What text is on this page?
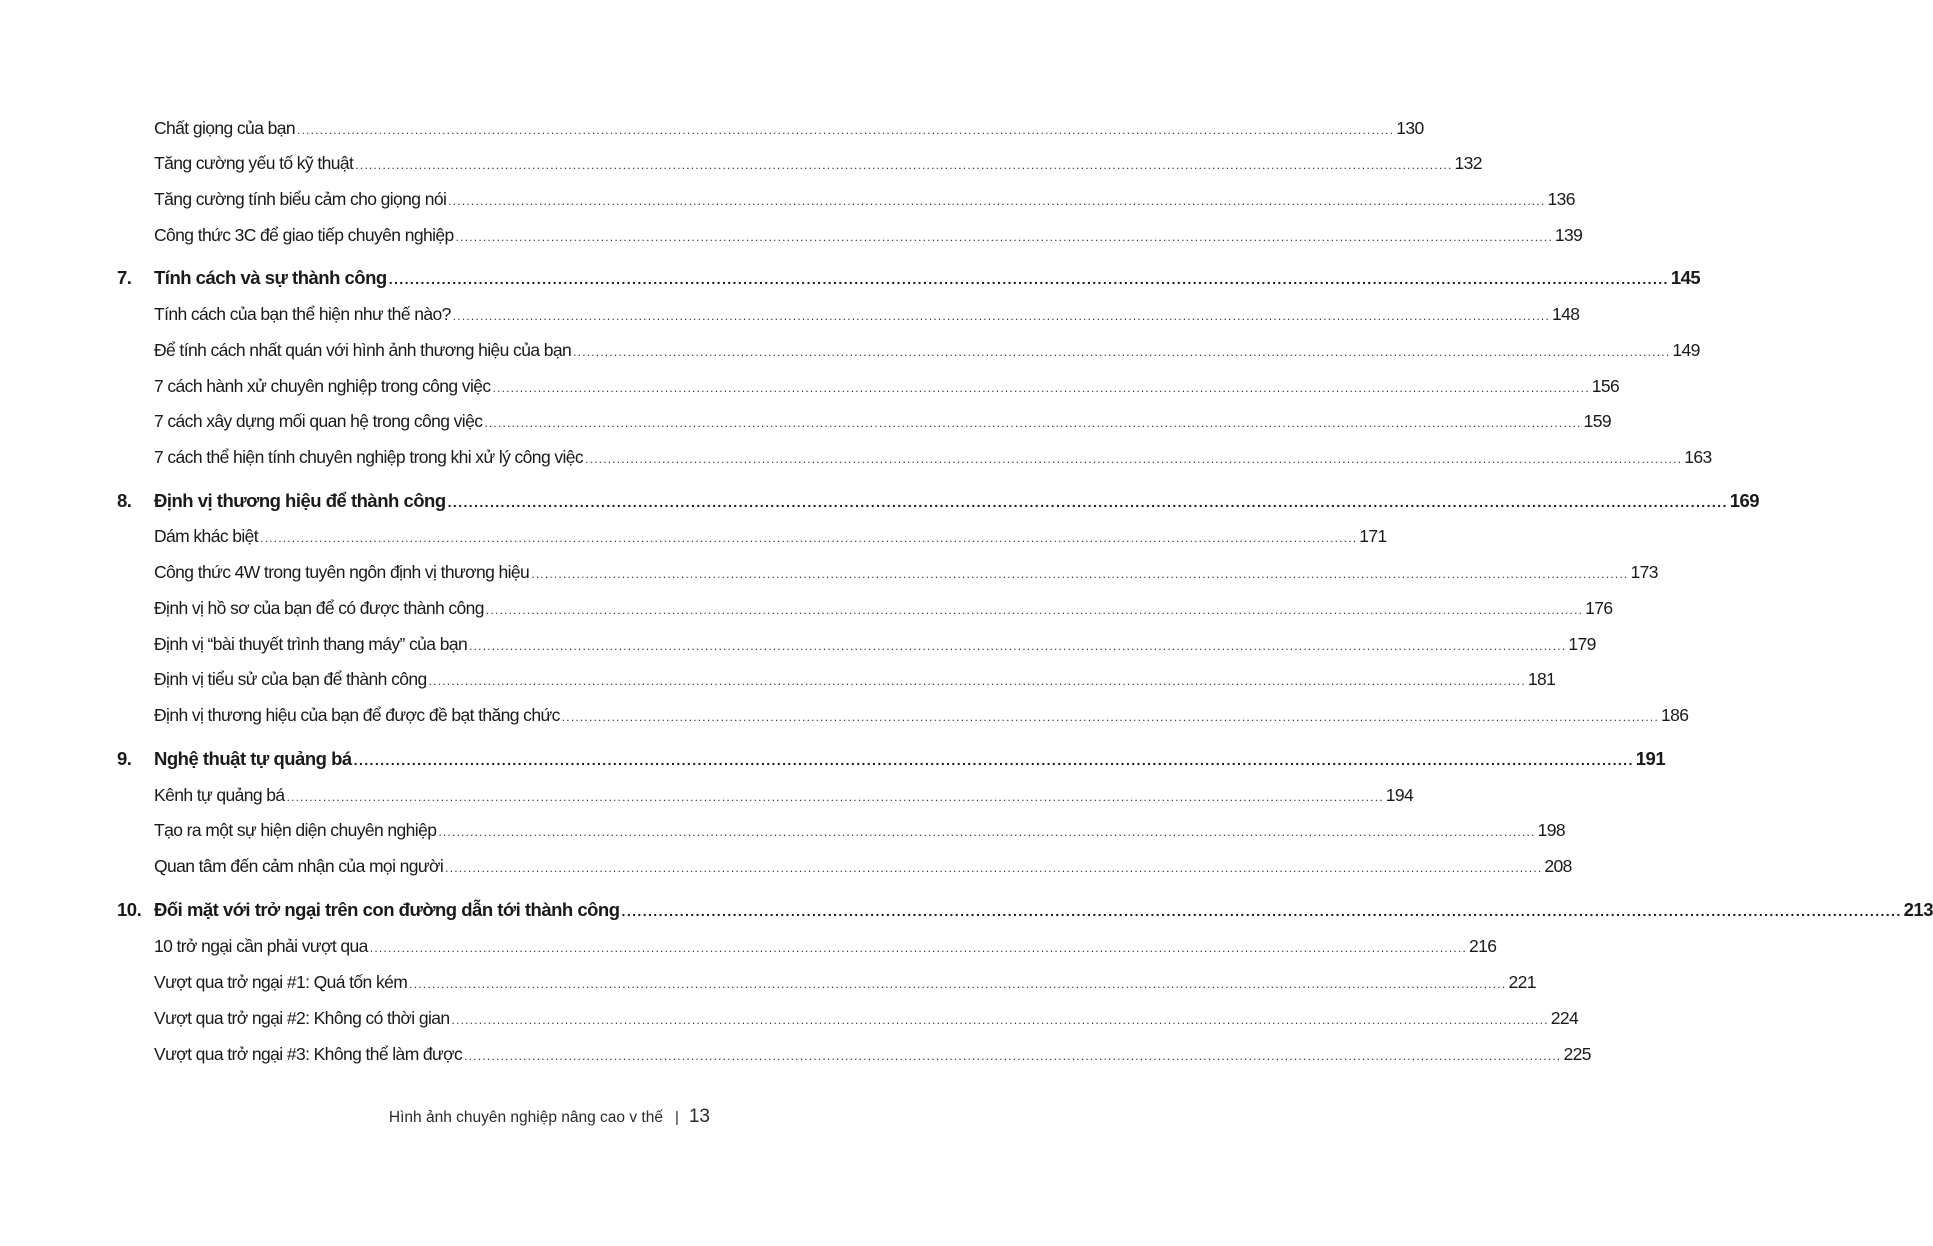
Chất giọng của bạn .....	130
Tăng cường yếu tố kỹ thuật .....	132
Tăng cường tính biểu cảm cho giọng nói .....	136
Công thức 3C để giao tiếp chuyên nghiệp .....	139
7.	Tính cách và sự thành công .....	145
Tính cách của bạn thể hiện như thế nào? .....	148
Để tính cách nhất quán với hình ảnh thương hiệu của bạn .....	149
7 cách hành xử chuyên nghiệp trong công việc .....	156
7 cách xây dựng mối quan hệ trong công việc .....	159
7 cách thể hiện tính chuyên nghiệp trong khi xử lý công việc .....	163
8.	Định vị thương hiệu để thành công .....	169
Dám khác biệt .....	171
Công thức 4W trong tuyên ngôn định vị thương hiệu .....	173
Định vị hồ sơ của bạn để có được thành công .....	176
Định vị “bài thuyết trình thang máy” của bạn .....	179
Định vị tiểu sử của bạn để thành công .....	181
Định vị thương hiệu của bạn để được đề bạt thăng chức .....	186
9.	Nghệ thuật tự quảng bá .....	191
Kênh tự quảng bá .....	194
Tạo ra một sự hiện diện chuyên nghiệp .....	198
Quan tâm đến cảm nhận của mọi người .....	208
10. Đối mặt với trở ngại trên con đường dẫn tới thành công .....	213
10 trở ngại cần phải vượt qua .....	216
Vượt qua trở ngại #1: Quá tốn kém .....	221
Vượt qua trở ngại #2: Không có thời gian .....	224
Vượt qua trở ngại #3: Không thể làm được .....	225
Hình ảnh chuyên nghiệp nâng cao v thế | 13
